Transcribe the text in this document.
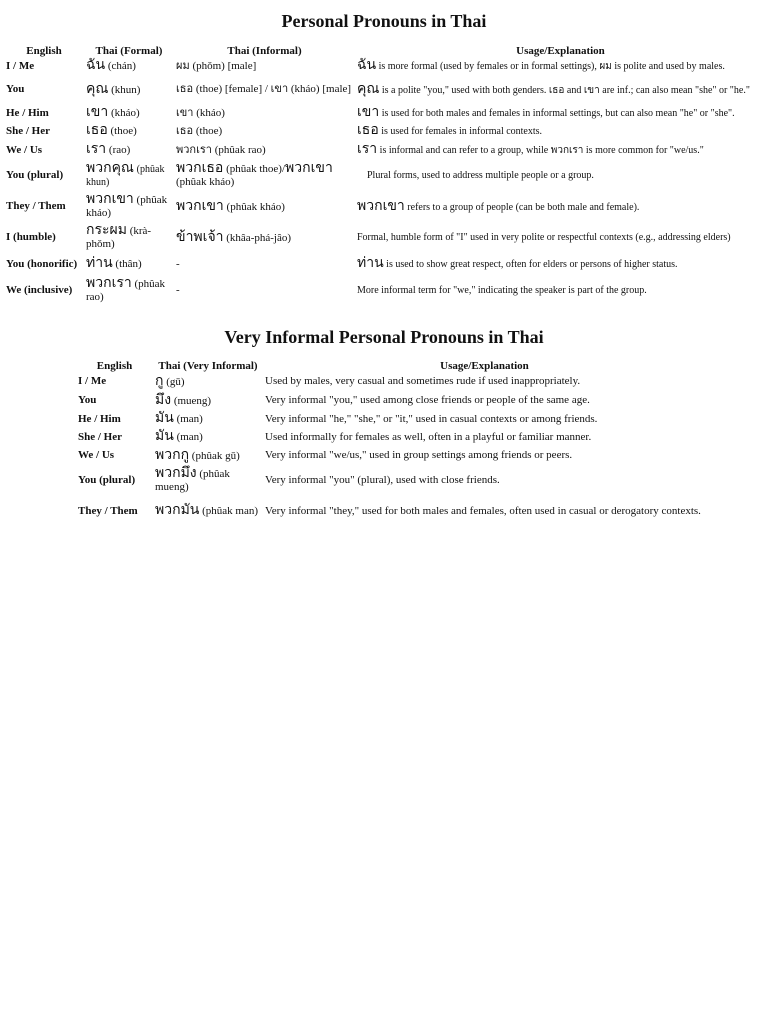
Personal Pronouns in Thai
English	Thai (Formal)	Thai (Informal)	Usage/Explanation
I / Me	ฉัน (chán)	ผม (phǒm) [male]	ฉัน is more formal (used by females or in formal settings), ผม is polite and used by males.
You	คุณ (khun)	เธอ (thoe) [female] / เขา (kháo) [male]	คุณ is a polite "you," used with both genders. เธอ and เขา are inf.; can also mean "she" or "he."
He / Him	เขา (kháo)	เขา (kháo)	เขา is used for both males and females in informal settings, but can also mean "he" or "she".
She / Her	เธอ (thoe)	เธอ (thoe)	เธอ is used for females in informal contexts.
We / Us	เรา (rao)	พวกเรา (phûak rao)	เรา is informal and can refer to a group, while พวกเรา is more common for "we/us."
You (plural)	พวกคุณ (phûak khun)	พวกเธอ (phûak thoe)/พวกเขา (phûak kháo)	Plural forms, used to address multiple people or a group.
They / Them	พวกเขา (phûak kháo)	พวกเขา (phûak kháo)	พวกเขา refers to a group of people (can be both male and female).
I (humble)	กระผม (krà-phǒm)	ข้าพเจ้า (khâa-phá-jâo)	Formal, humble form of "I" used in very polite or respectful contexts (e.g., addressing elders)
You (honorific)	ท่าน (thân)	-	ท่าน is used to show great respect, often for elders or persons of higher status.
We (inclusive)	พวกเรา (phûak rao)	-	More informal term for "we," indicating the speaker is part of the group.
Very Informal Personal Pronouns in Thai
English	Thai (Very Informal)	Usage/Explanation
I / Me	กู (gū)	Used by males, very casual and sometimes rude if used inappropriately.
You	มึง (mueng)	Very informal "you," used among close friends or people of the same age.
He / Him	มัน (man)	Very informal "he," "she," or "it," used in casual contexts or among friends.
She / Her	มัน (man)	Used informally for females as well, often in a playful or familiar manner.
We / Us	พวกกู (phûak gū)	Very informal "we/us," used in group settings among friends or peers.
You (plural)	พวกมึง (phûak mueng)	Very informal "you" (plural), used with close friends.
They / Them	พวกมัน (phûak man)	Very informal "they," used for both males and females, often used in casual or derogatory contexts.
